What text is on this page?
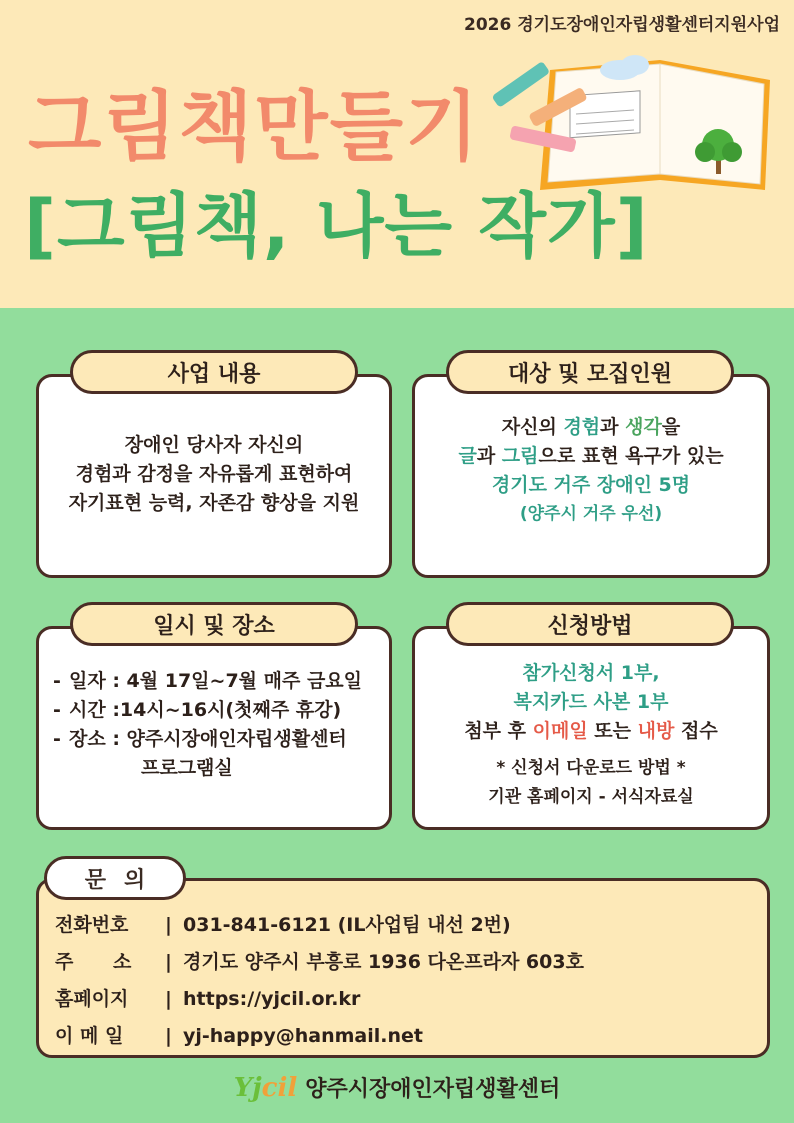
2026 경기도장애인자립생활센터지원사업
그림책만들기
[그림책, 나는 작가]
장애인 당사자 자신의
경험과 감정을 자유롭게 표현하여
자기표현 능력, 자존감 향상을 지원
사업 내용
자신의 경험과 생각을
글과 그림으로 표현 욕구가 있는
경기도 거주 장애인 5명
(양주시 거주 우선)
대상 및 모집인원
- 일자 : 4월 17일~7월 매주 금요일
- 시간 :14시~16시(첫째주 휴강)
- 장소 : 양주시장애인자립생활센터
프로그램실
일시 및 장소
참가신청서 1부,
복지카드 사본 1부
첨부 후 이메일 또는 내방 접수
* 신청서 다운로드 방법 *
기관 홈페이지 - 서식자료실
신청방법
전화번호	| 031-841-6121 (IL사업팀 내선 2번)
주      소	| 경기도 양주시 부흥로 1936 다온프라자 603호
홈페이지	| https://yjcil.or.kr
이 메 일	| yj-happy@hanmail.net
문의
Yjcil 양주시장애인자립생활센터
